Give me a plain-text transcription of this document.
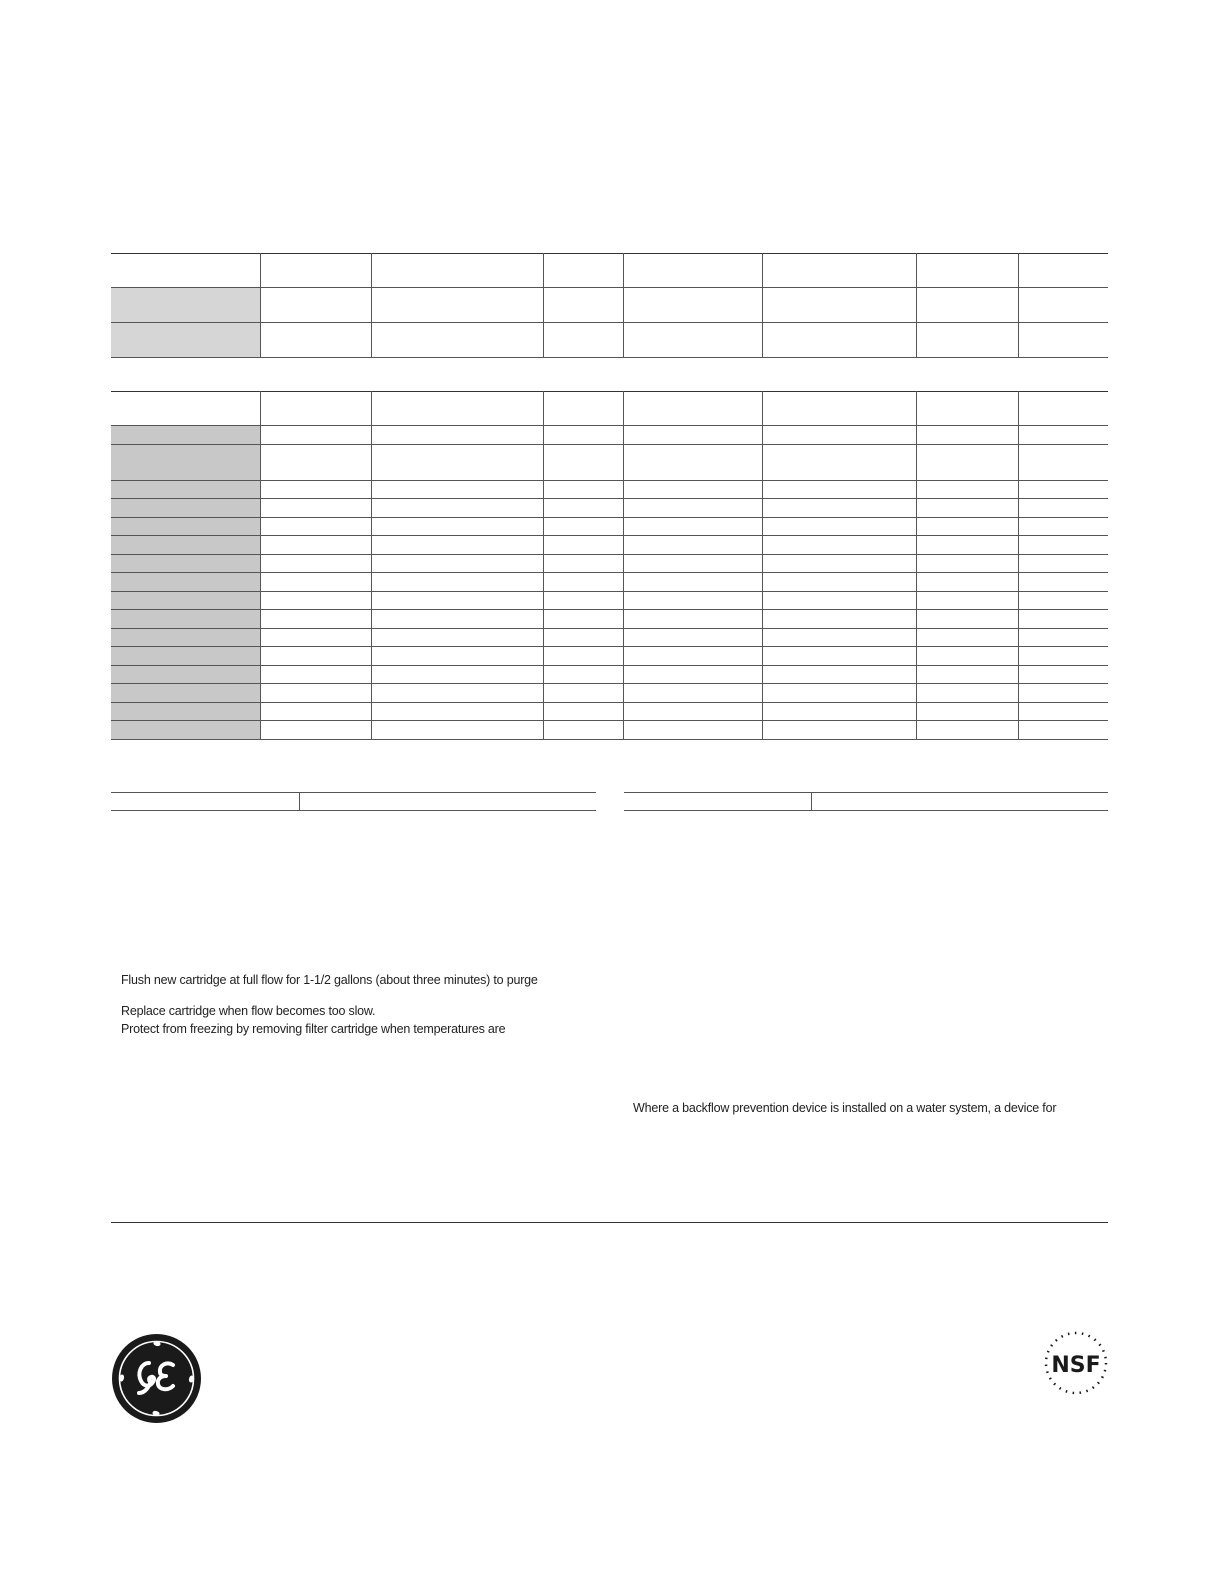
Flush new cartridge at full flow for 1-1/2 gallons (about three minutes) to purge
Replace cartridge when flow becomes too slow.
Protect from freezing by removing filter cartridge when temperatures are
Where a backflow prevention device is installed on a water system, a device for
NSF
